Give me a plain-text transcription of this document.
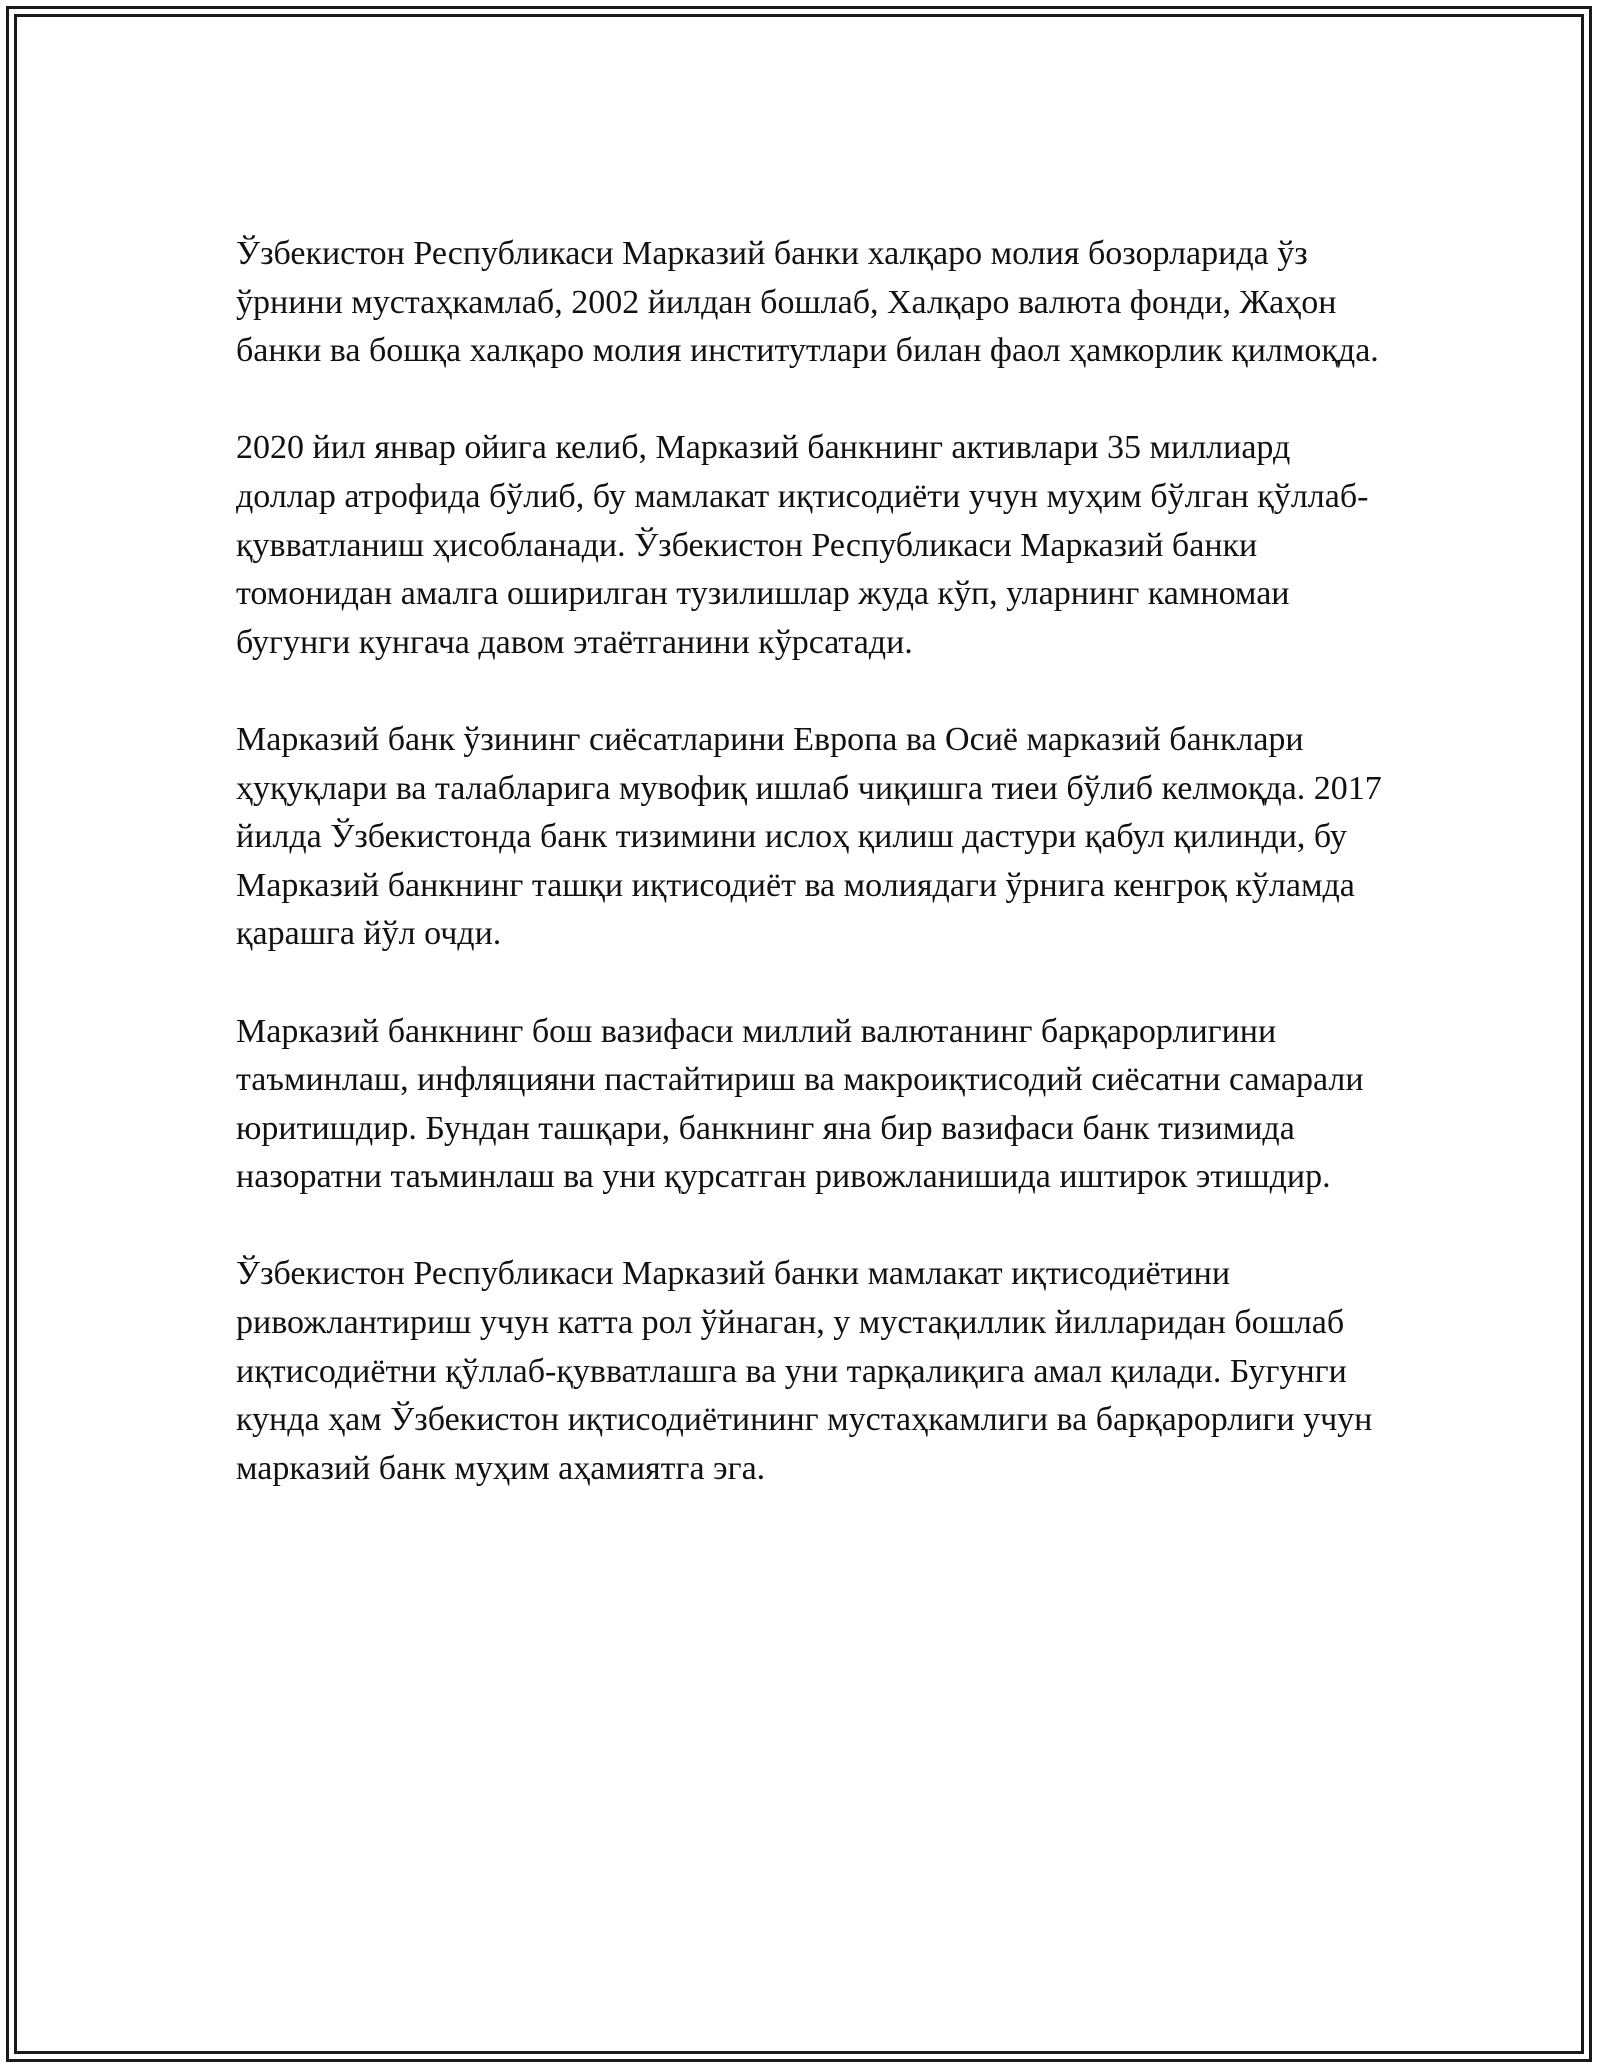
Ўзбекистон Республикаси Марказий банки халқаро молия бозорларида ўз ўрнини мустаҳкамлаб, 2002 йилдан бошлаб, Халқаро валюта фонди, Жаҳон банки ва бошқа халқаро молия институтлари билан фаол ҳамкорлик қилмоқда.

2020 йил январ ойига келиб, Марказий банкнинг активлари 35 миллиард доллар атрофида бўлиб, бу мамлакат иқтисодиёти учун муҳим бўлган қўллаб-қувватланиш ҳисобланади. Ўзбекистон Республикаси Марказий банки томонидан амалга оширилган тузилишлар жуда кўп, уларнинг камномаи бугунги кунгача давом этаётганини кўрсатади.

Марказий банк ўзининг сиёсатларини Европа ва Осиё марказий банклари ҳуқуқлари ва талабларига мувофиқ ишлаб чиқишга тиеи бўлиб келмоқда. 2017 йилда Ўзбекистонда банк тизимини ислоҳ қилиш дастури қабул қилинди, бу Марказий банкнинг ташқи иқтисодиёт ва молиядаги ўрнига кенгроқ кўламда қарашга йўл очди.

Марказий банкнинг бош вазифаси миллий валютанинг барқарорлигини таъминлаш, инфляцияни пастайтириш ва макроиқтисодий сиёсатни самарали юритишдир. Бундан ташқари, банкнинг яна бир вазифаси банк тизимида назоратни таъминлаш ва уни қурсатган ривожланишида иштирок этишдир.

Ўзбекистон Республикаси Марказий банки мамлакат иқтисодиётини ривожлантириш учун катта рол ўйнаган, у мустақиллик йилларидан бошлаб иқтисодиётни қўллаб-қувватлашга ва уни тарқалиқига амал қилади. Бугунги кунда ҳам Ўзбекистон иқтисодиётининг мустаҳкамлиги ва барқарорлиги учун марказий банк муҳим аҳамиятга эга.
